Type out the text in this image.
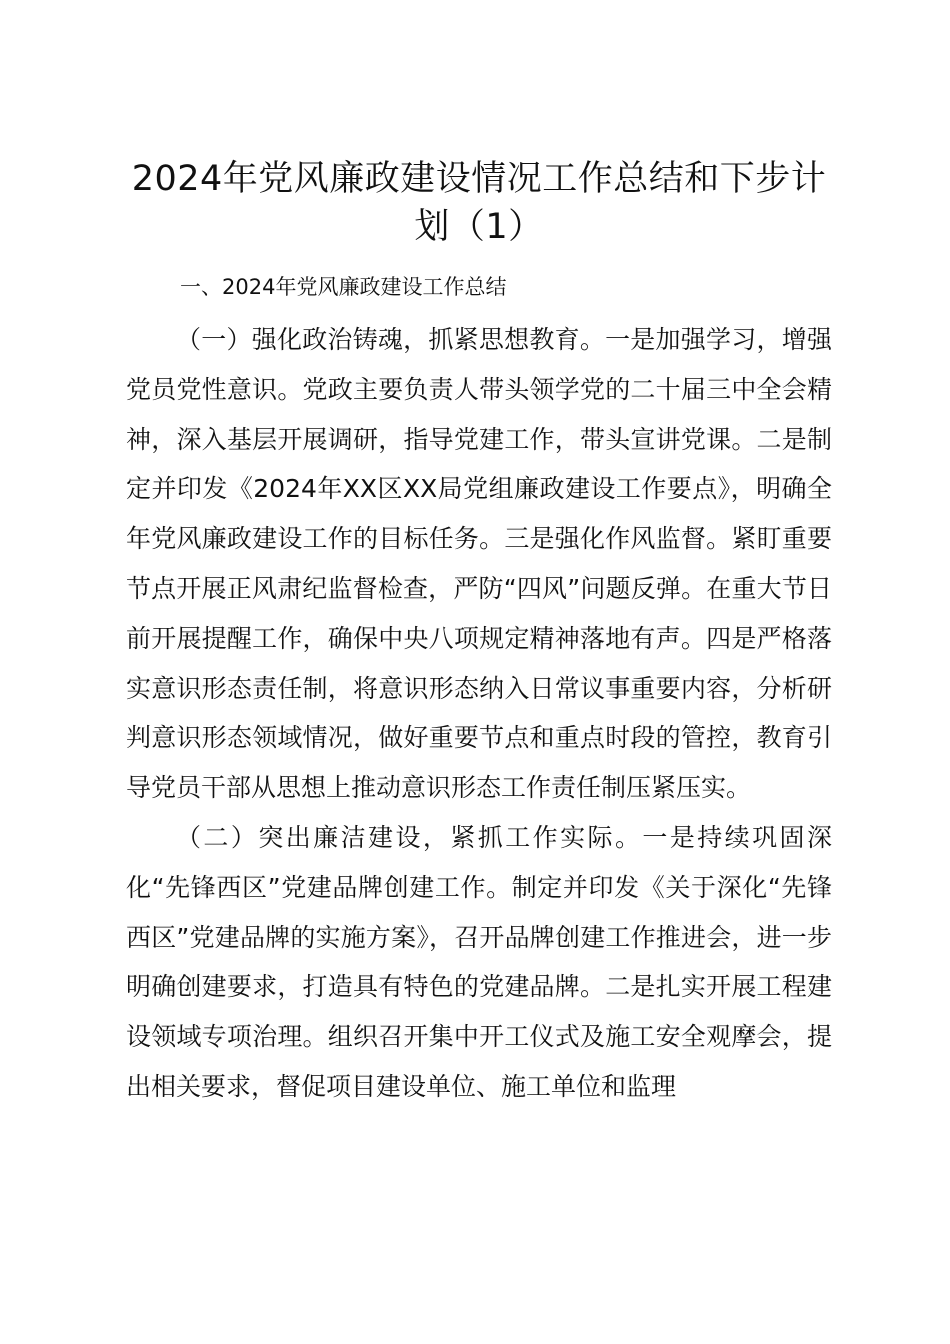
2024年党风廉政建设情况工作总结和下步计划（1）

一、2024年党风廉政建设工作总结

（一）强化政治铸魂，抓紧思想教育。一是加强学习，增强党员党性意识。党政主要负责人带头领学党的二十届三中全会精神，深入基层开展调研，指导党建工作，带头宣讲党课。二是制定并印发《2024年XX区XX局党组廉政建设工作要点》，明确全年党风廉政建设工作的目标任务。三是强化作风监督。紧盯重要节点开展正风肃纪监督检查，严防“四风”问题反弹。在重大节日前开展提醒工作，确保中央八项规定精神落地有声。四是严格落实意识形态责任制，将意识形态纳入日常议事重要内容，分析研判意识形态领域情况，做好重要节点和重点时段的管控，教育引导党员干部从思想上推动意识形态工作责任制压紧压实。

（二）突出廉洁建设，紧抓工作实际。一是持续巩固深化“先锋西区”党建品牌创建工作。制定并印发《关于深化“先锋西区”党建品牌的实施方案》，召开品牌创建工作推进会，进一步明确创建要求，打造具有特色的党建品牌。二是扎实开展工程建设领域专项治理。组织召开集中开工仪式及施工安全观摩会，提出相关要求，督促项目建设单位、施工单位和监理
